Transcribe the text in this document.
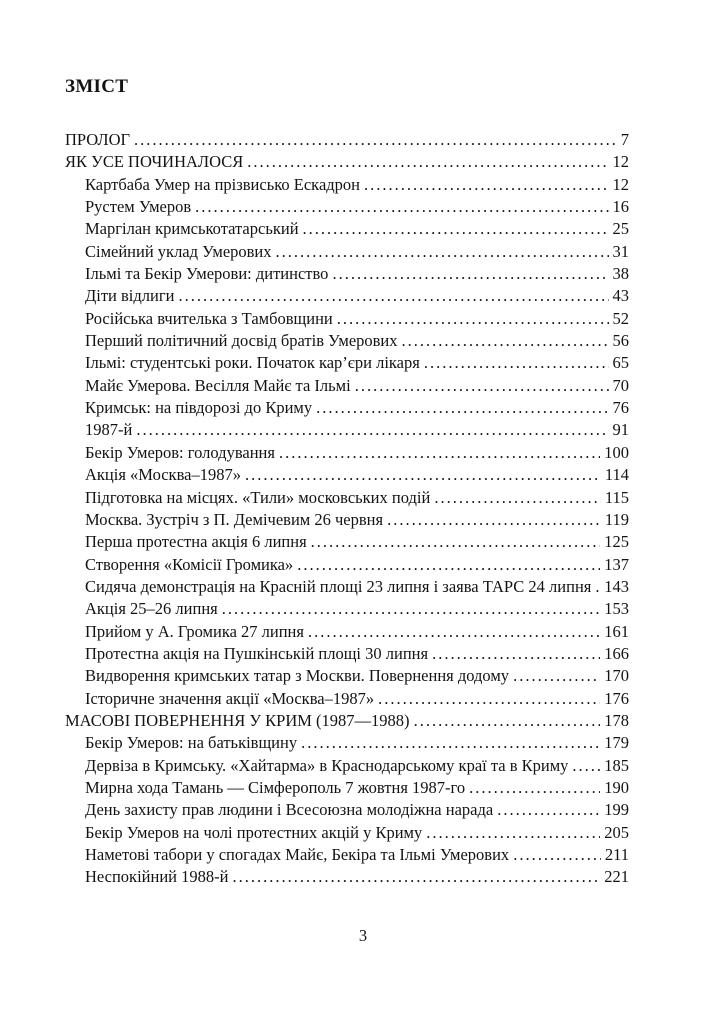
ЗМІСТ
ПРОЛОГ .....	7
ЯК УСЕ ПОЧИНАЛОСЯ .....	12
Картбаба Умер на прізвисько Ескадрон .....	12
Рустем Умеров .....	16
Маргілан кримськотатарський .....	25
Сімейний уклад Умерових .....	31
Ільмі та Бекір Умерови: дитинство .....	38
Діти відлиги .....	43
Російська вчителька з Тамбовщини .....	52
Перший політичний досвід братів Умерових .....	56
Ільмі: студентські роки. Початок кар’єри лікаря .....	65
Майє Умерова. Весілля Майє та Ільмі .....	70
Кримськ: на півдорозі до Криму .....	76
1987-й .....	91
Бекір Умеров: голодування .....	100
Акція «Москва–1987» .....	114
Підготовка на місцях. «Тили» московських подій .....	115
Москва. Зустріч з П. Демічевим 26 червня .....	119
Перша протестна акція 6 липня .....	125
Створення «Комісії Громика» .....	137
Сидяча демонстрація на Красній площі 23 липня і заява ТАРС 24 липня ..... 143
Акція 25–26 липня .....	153
Прийом у А. Громика 27 липня .....	161
Протестна акція на Пушкінській площі 30 липня .....	166
Видворення кримських татар з Москви. Повернення додому .....	170
Історичне значення акції «Москва–1987» .....	176
МАСОВІ ПОВЕРНЕННЯ У КРИМ (1987—1988) .....	178
Бекір Умеров: на батьківщину .....	179
Дервіза в Кримську. «Хайтарма» в Краснодарському краї та в Криму ..... 185
Мирна хода Тамань — Сімферополь 7 жовтня 1987-го .....	190
День захисту прав людини і Всесоюзна молодіжна нарада .....	199
Бекір Умеров на чолі протестних акцій у Криму .....	205
Наметові табори у спогадах Майє, Бекіра та Ільмі Умерових .....	211
Неспокійний 1988-й .....	221
3
